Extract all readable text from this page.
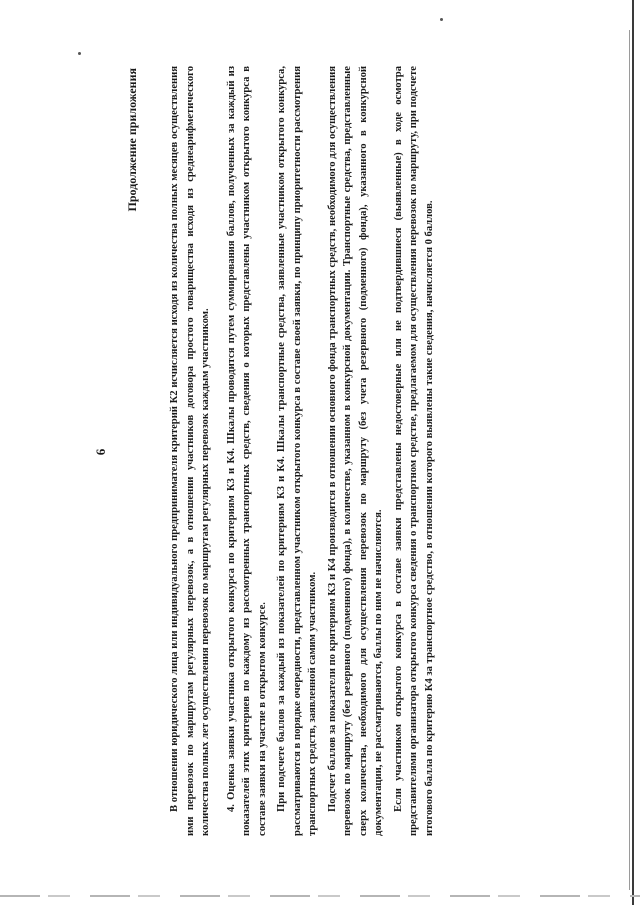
6
Продолжение приложения	В отношении юридического лица или индивидуального предпринимателя критерий К2 исчисляется исходя из количества полных месяцев осуществления ими перевозок по маршрутам регулярных перевозок, а в отношении участников договора простого товарищества исходя из среднеарифметического количества полных лет осуществления перевозок по маршрутам регулярных перевозок каждым участником. 4. Оценка заявки участника открытого конкурса по критериям К3 и К4. Шкалы проводится путем суммирования баллов, полученных за каждый из показателей этих критериев по каждому из рассмотренных транспортных средств, сведения о которых представлены участником открытого конкурса в составе заявки на участие в открытом конкурсе. При подсчете баллов за каждый из показателей по критериям К3 и К4. Шкалы транспортные средства, заявленные участником открытого конкурса, рассматриваются в порядке очередности, представленном участником открытого конкурса в составе своей заявки, по принципу приоритетности рассмотрения транспортных средств, заявленной самим участником. Подсчет баллов за показатели по критериям К3 и К4 производится в отношении основного фонда транспортных средств, необходимого для осуществления перевозок по маршруту (без резервного (подменного) фонда), в количестве, указанном в конкурсной документации. Транспортные средства, представленные сверх количества, необходимого для осуществления перевозок по маршруту (без учета резервного (подменного) фонда), указанного в конкурсной документации, не рассматриваются, баллы по ним не начисляются. Если участником открытого конкурса в составе заявки представлены недостоверные или не подтвердившиеся (выявленные) в ходе осмотра представителями организатора открытого конкурса сведения о транспортном средстве, предлагаемом для осуществления перевозок по маршруту, при подсчете итогового балла по критерию К4 за транспортное средство, в отношении которого выявлены такие сведения, начисляется 0 баллов.
